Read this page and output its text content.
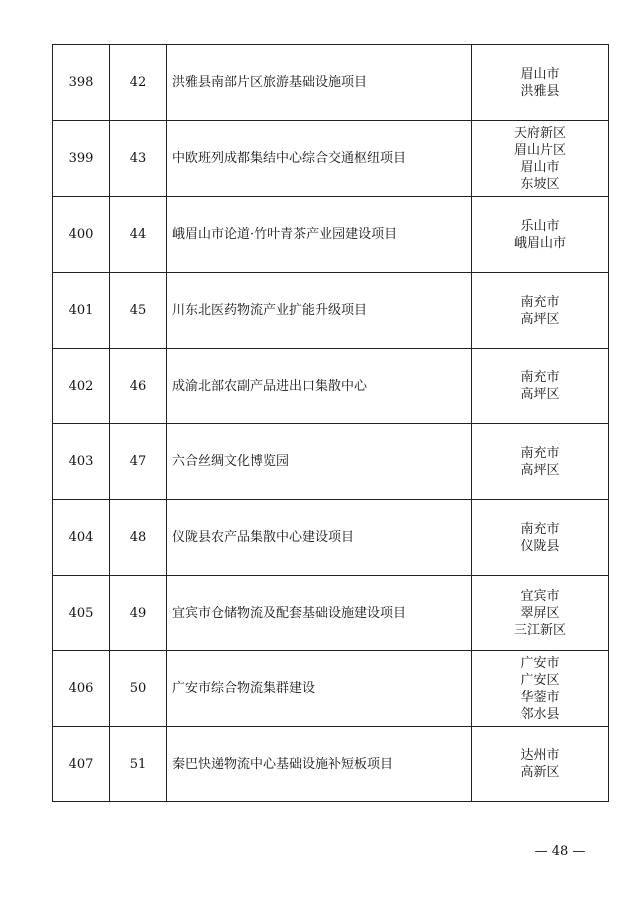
398	42	洪雅县南部片区旅游基础设施项目	眉山市
洪雅县

399	43	中欧班列成都集结中心综合交通枢纽项目	天府新区
眉山片区
眉山市
东坡区

400	44	峨眉山市论道·竹叶青茶产业园建设项目	乐山市
峨眉山市

401	45	川东北医药物流产业扩能升级项目	南充市
高坪区

402	46	成渝北部农副产品进出口集散中心	南充市
高坪区

403	47	六合丝绸文化博览园	南充市
高坪区

404	48	仪陇县农产品集散中心建设项目	南充市
仪陇县

405	49	宜宾市仓储物流及配套基础设施建设项目	宜宾市
翠屏区
三江新区

406	50	广安市综合物流集群建设	广安市
广安区
华蓥市
邻水县

407	51	秦巴快递物流中心基础设施补短板项目	达州市
高新区
— 48 —
